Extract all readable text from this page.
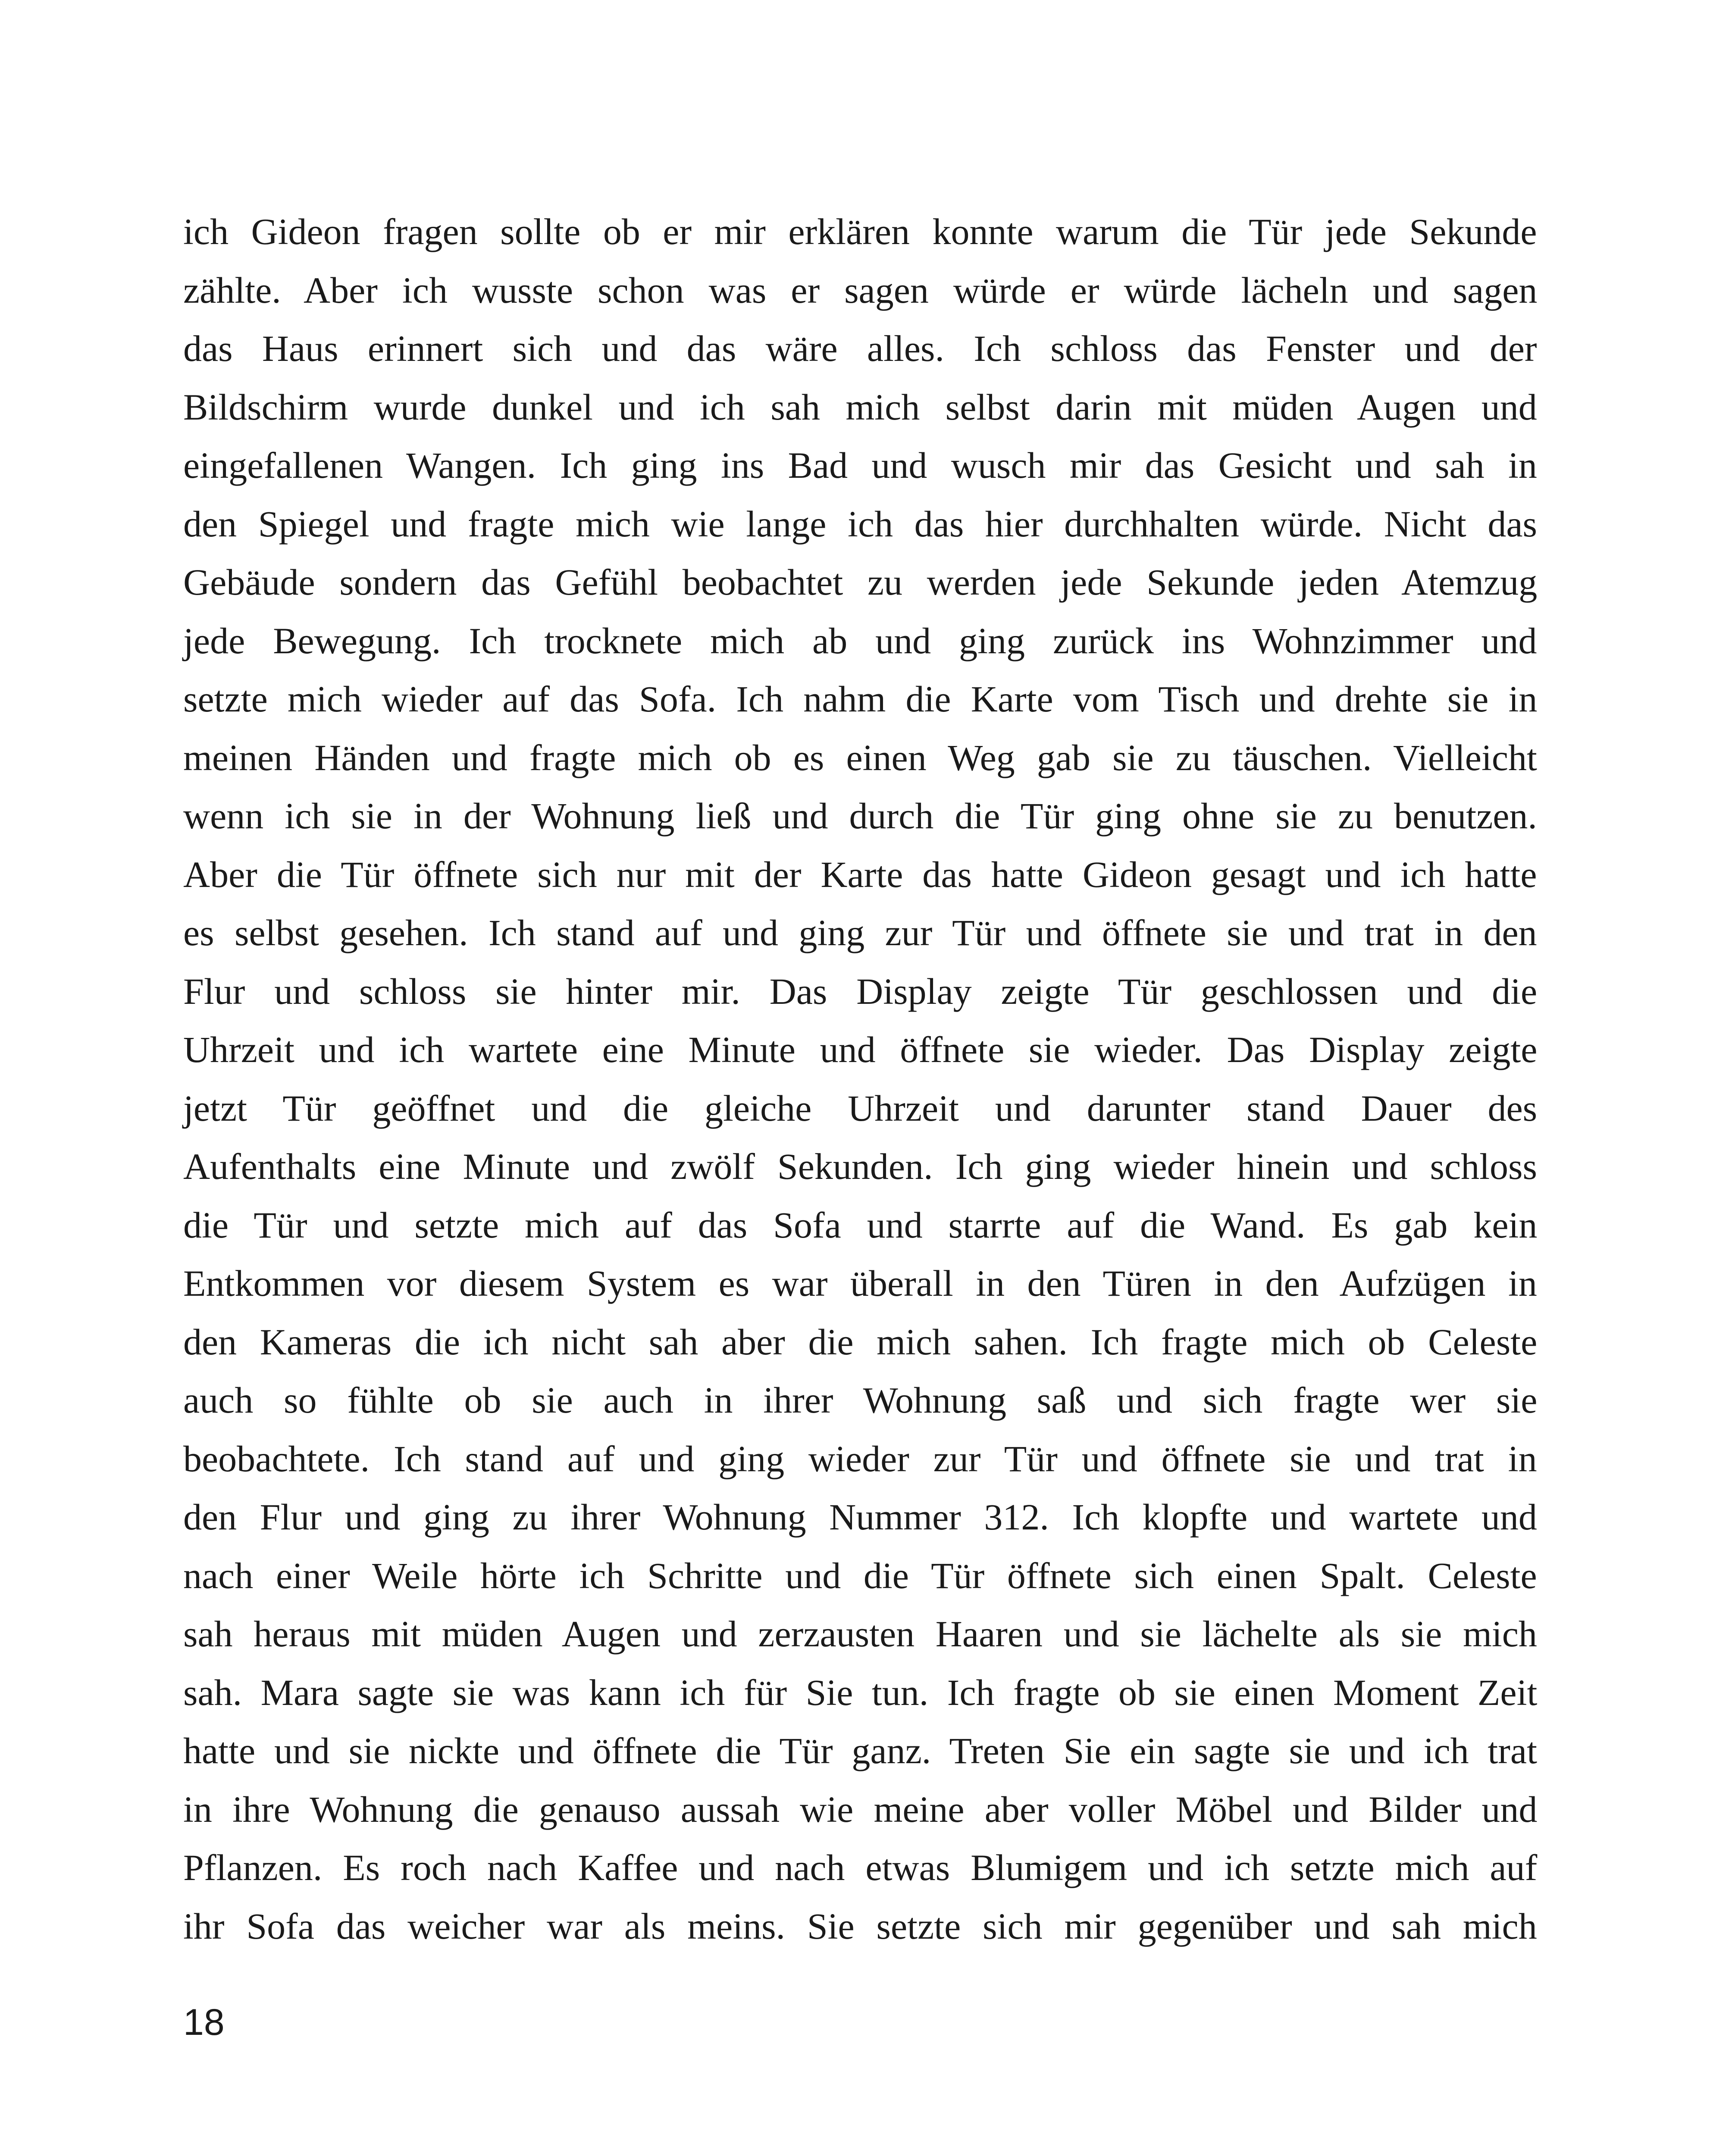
ich Gideon fragen sollte ob er mir erklären konnte warum die Tür jede Sekunde
zählte. Aber ich wusste schon was er sagen würde er würde lächeln und sagen
das Haus erinnert sich und das wäre alles. Ich schloss das Fenster und der
Bildschirm wurde dunkel und ich sah mich selbst darin mit müden Augen und
eingefallenen Wangen. Ich ging ins Bad und wusch mir das Gesicht und sah in
den Spiegel und fragte mich wie lange ich das hier durchhalten würde. Nicht das
Gebäude sondern das Gefühl beobachtet zu werden jede Sekunde jeden Atemzug
jede Bewegung. Ich trocknete mich ab und ging zurück ins Wohnzimmer und
setzte mich wieder auf das Sofa. Ich nahm die Karte vom Tisch und drehte sie in
meinen Händen und fragte mich ob es einen Weg gab sie zu täuschen. Vielleicht
wenn ich sie in der Wohnung ließ und durch die Tür ging ohne sie zu benutzen.
Aber die Tür öffnete sich nur mit der Karte das hatte Gideon gesagt und ich hatte
es selbst gesehen. Ich stand auf und ging zur Tür und öffnete sie und trat in den
Flur und schloss sie hinter mir. Das Display zeigte Tür geschlossen und die
Uhrzeit und ich wartete eine Minute und öffnete sie wieder. Das Display zeigte
jetzt Tür geöffnet und die gleiche Uhrzeit und darunter stand Dauer des
Aufenthalts eine Minute und zwölf Sekunden. Ich ging wieder hinein und schloss
die Tür und setzte mich auf das Sofa und starrte auf die Wand. Es gab kein
Entkommen vor diesem System es war überall in den Türen in den Aufzügen in
den Kameras die ich nicht sah aber die mich sahen. Ich fragte mich ob Celeste
auch so fühlte ob sie auch in ihrer Wohnung saß und sich fragte wer sie
beobachtete. Ich stand auf und ging wieder zur Tür und öffnete sie und trat in
den Flur und ging zu ihrer Wohnung Nummer 312. Ich klopfte und wartete und
nach einer Weile hörte ich Schritte und die Tür öffnete sich einen Spalt. Celeste
sah heraus mit müden Augen und zerzausten Haaren und sie lächelte als sie mich
sah. Mara sagte sie was kann ich für Sie tun. Ich fragte ob sie einen Moment Zeit
hatte und sie nickte und öffnete die Tür ganz. Treten Sie ein sagte sie und ich trat
in ihre Wohnung die genauso aussah wie meine aber voller Möbel und Bilder und
Pflanzen. Es roch nach Kaffee und nach etwas Blumigem und ich setzte mich auf
ihr Sofa das weicher war als meins. Sie setzte sich mir gegenüber und sah mich
18
